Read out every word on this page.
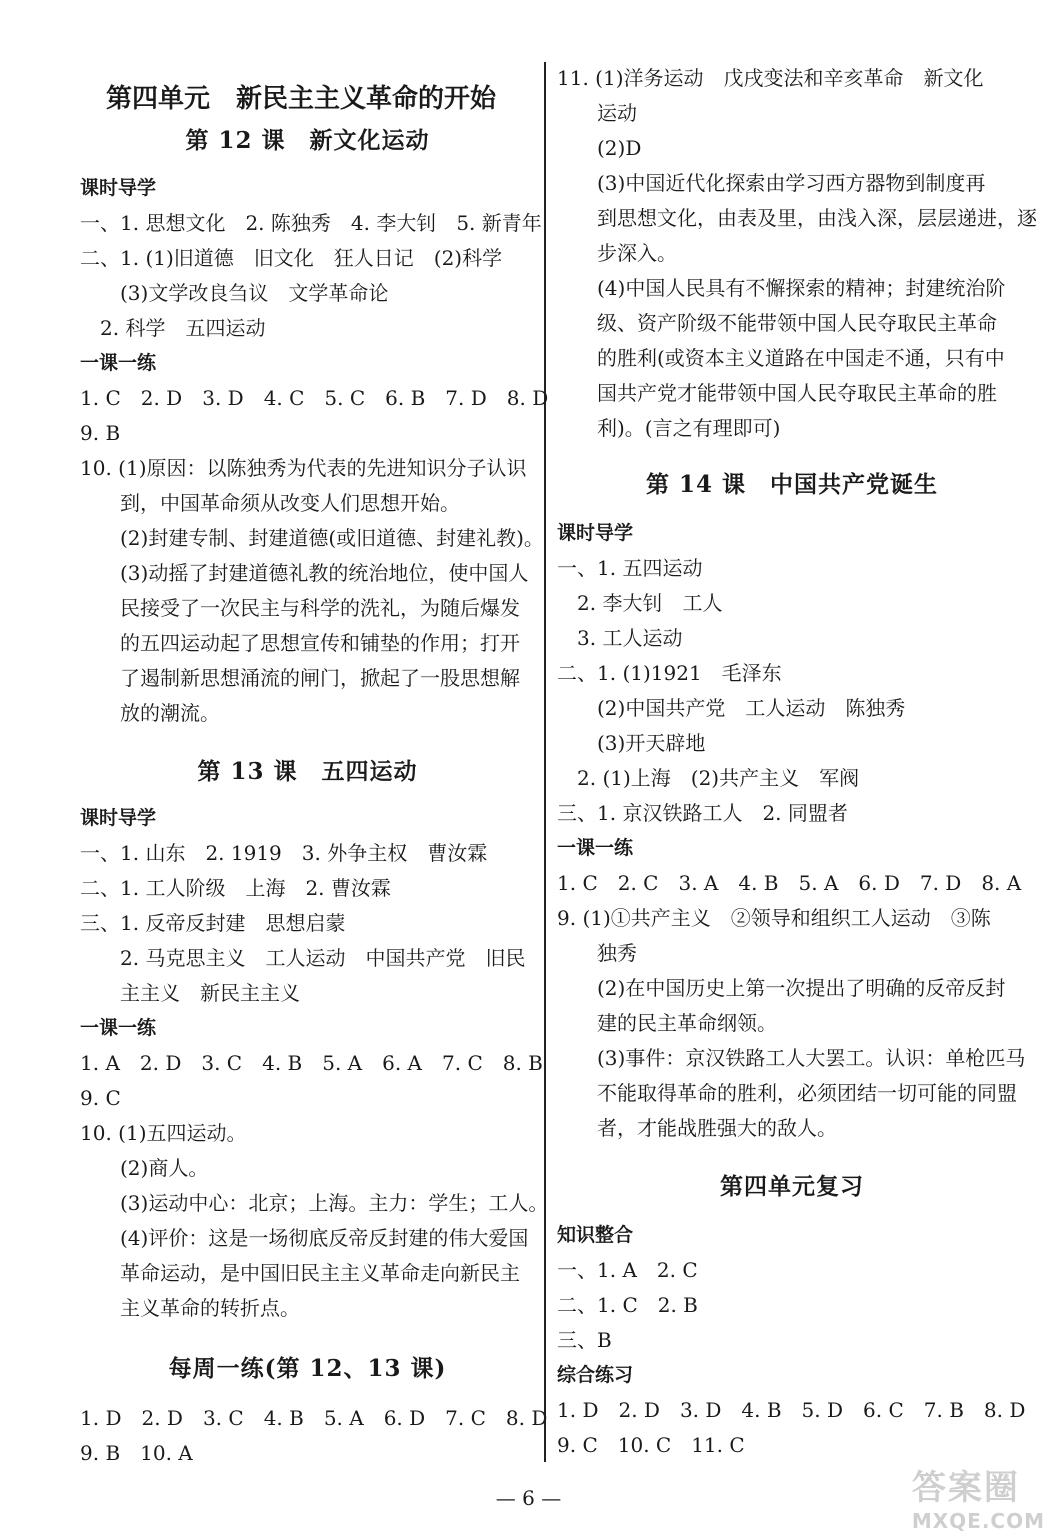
第四单元　新民主主义革命的开始
第 12 课　新文化运动
课时导学
一、1. 思想文化　2. 陈独秀　4. 李大钊　5. 新青年
二、1. (1)旧道德　旧文化　狂人日记　(2)科学
　　(3)文学改良刍议　文学革命论
　2. 科学　五四运动
一课一练
1. C　2. D　3. D　4. C　5. C　6. B　7. D　8. D
9. B
10. (1)原因：以陈独秀为代表的先进知识分子认识
　　到，中国革命须从改变人们思想开始。
　　(2)封建专制、封建道德(或旧道德、封建礼教)。
　　(3)动摇了封建道德礼教的统治地位，使中国人
　　民接受了一次民主与科学的洗礼，为随后爆发
　　的五四运动起了思想宣传和铺垫的作用；打开
　　了遏制新思想涌流的闸门，掀起了一股思想解
　　放的潮流。
第 13 课　五四运动
课时导学
一、1. 山东　2. 1919　3. 外争主权　曹汝霖
二、1. 工人阶级　上海　2. 曹汝霖
三、1. 反帝反封建　思想启蒙
　　2. 马克思主义　工人运动　中国共产党　旧民
　　主主义　新民主主义
一课一练
1. A　2. D　3. C　4. B　5. A　6. A　7. C　8. B
9. C
10. (1)五四运动。
　　(2)商人。
　　(3)运动中心：北京；上海。主力：学生；工人。
　　(4)评价：这是一场彻底反帝反封建的伟大爱国
　　革命运动，是中国旧民主主义革命走向新民主
　　主义革命的转折点。
每周一练(第 12、13 课)
1. D　2. D　3. C　4. B　5. A　6. D　7. C　8. D
9. B　10. A
11. (1)洋务运动　戊戌变法和辛亥革命　新文化
　　运动
　　(2)D
　　(3)中国近代化探索由学习西方器物到制度再
　　到思想文化，由表及里，由浅入深，层层递进，逐
　　步深入。
　　(4)中国人民具有不懈探索的精神；封建统治阶
　　级、资产阶级不能带领中国人民夺取民主革命
　　的胜利(或资本主义道路在中国走不通，只有中
　　国共产党才能带领中国人民夺取民主革命的胜
　　利)。(言之有理即可)
第 14 课　中国共产党诞生
课时导学
一、1. 五四运动
　2. 李大钊　工人
　3. 工人运动
二、1. (1)1921　毛泽东
　　(2)中国共产党　工人运动　陈独秀
　　(3)开天辟地
　2. (1)上海　(2)共产主义　军阀
三、1. 京汉铁路工人　2. 同盟者
一课一练
1. C　2. C　3. A　4. B　5. A　6. D　7. D　8. A
9. (1)①共产主义　②领导和组织工人运动　③陈
　　独秀
　　(2)在中国历史上第一次提出了明确的反帝反封
　　建的民主革命纲领。
　　(3)事件：京汉铁路工人大罢工。认识：单枪匹马
　　不能取得革命的胜利，必须团结一切可能的同盟
　　者，才能战胜强大的敌人。
第四单元复习
知识整合
一、1. A　2. C
二、1. C　2. B
三、B
综合练习
1. D　2. D　3. D　4. B　5. D　6. C　7. B　8. D
9. C　10. C　11. C
— 6 —	答案圈
MXQE.COM
